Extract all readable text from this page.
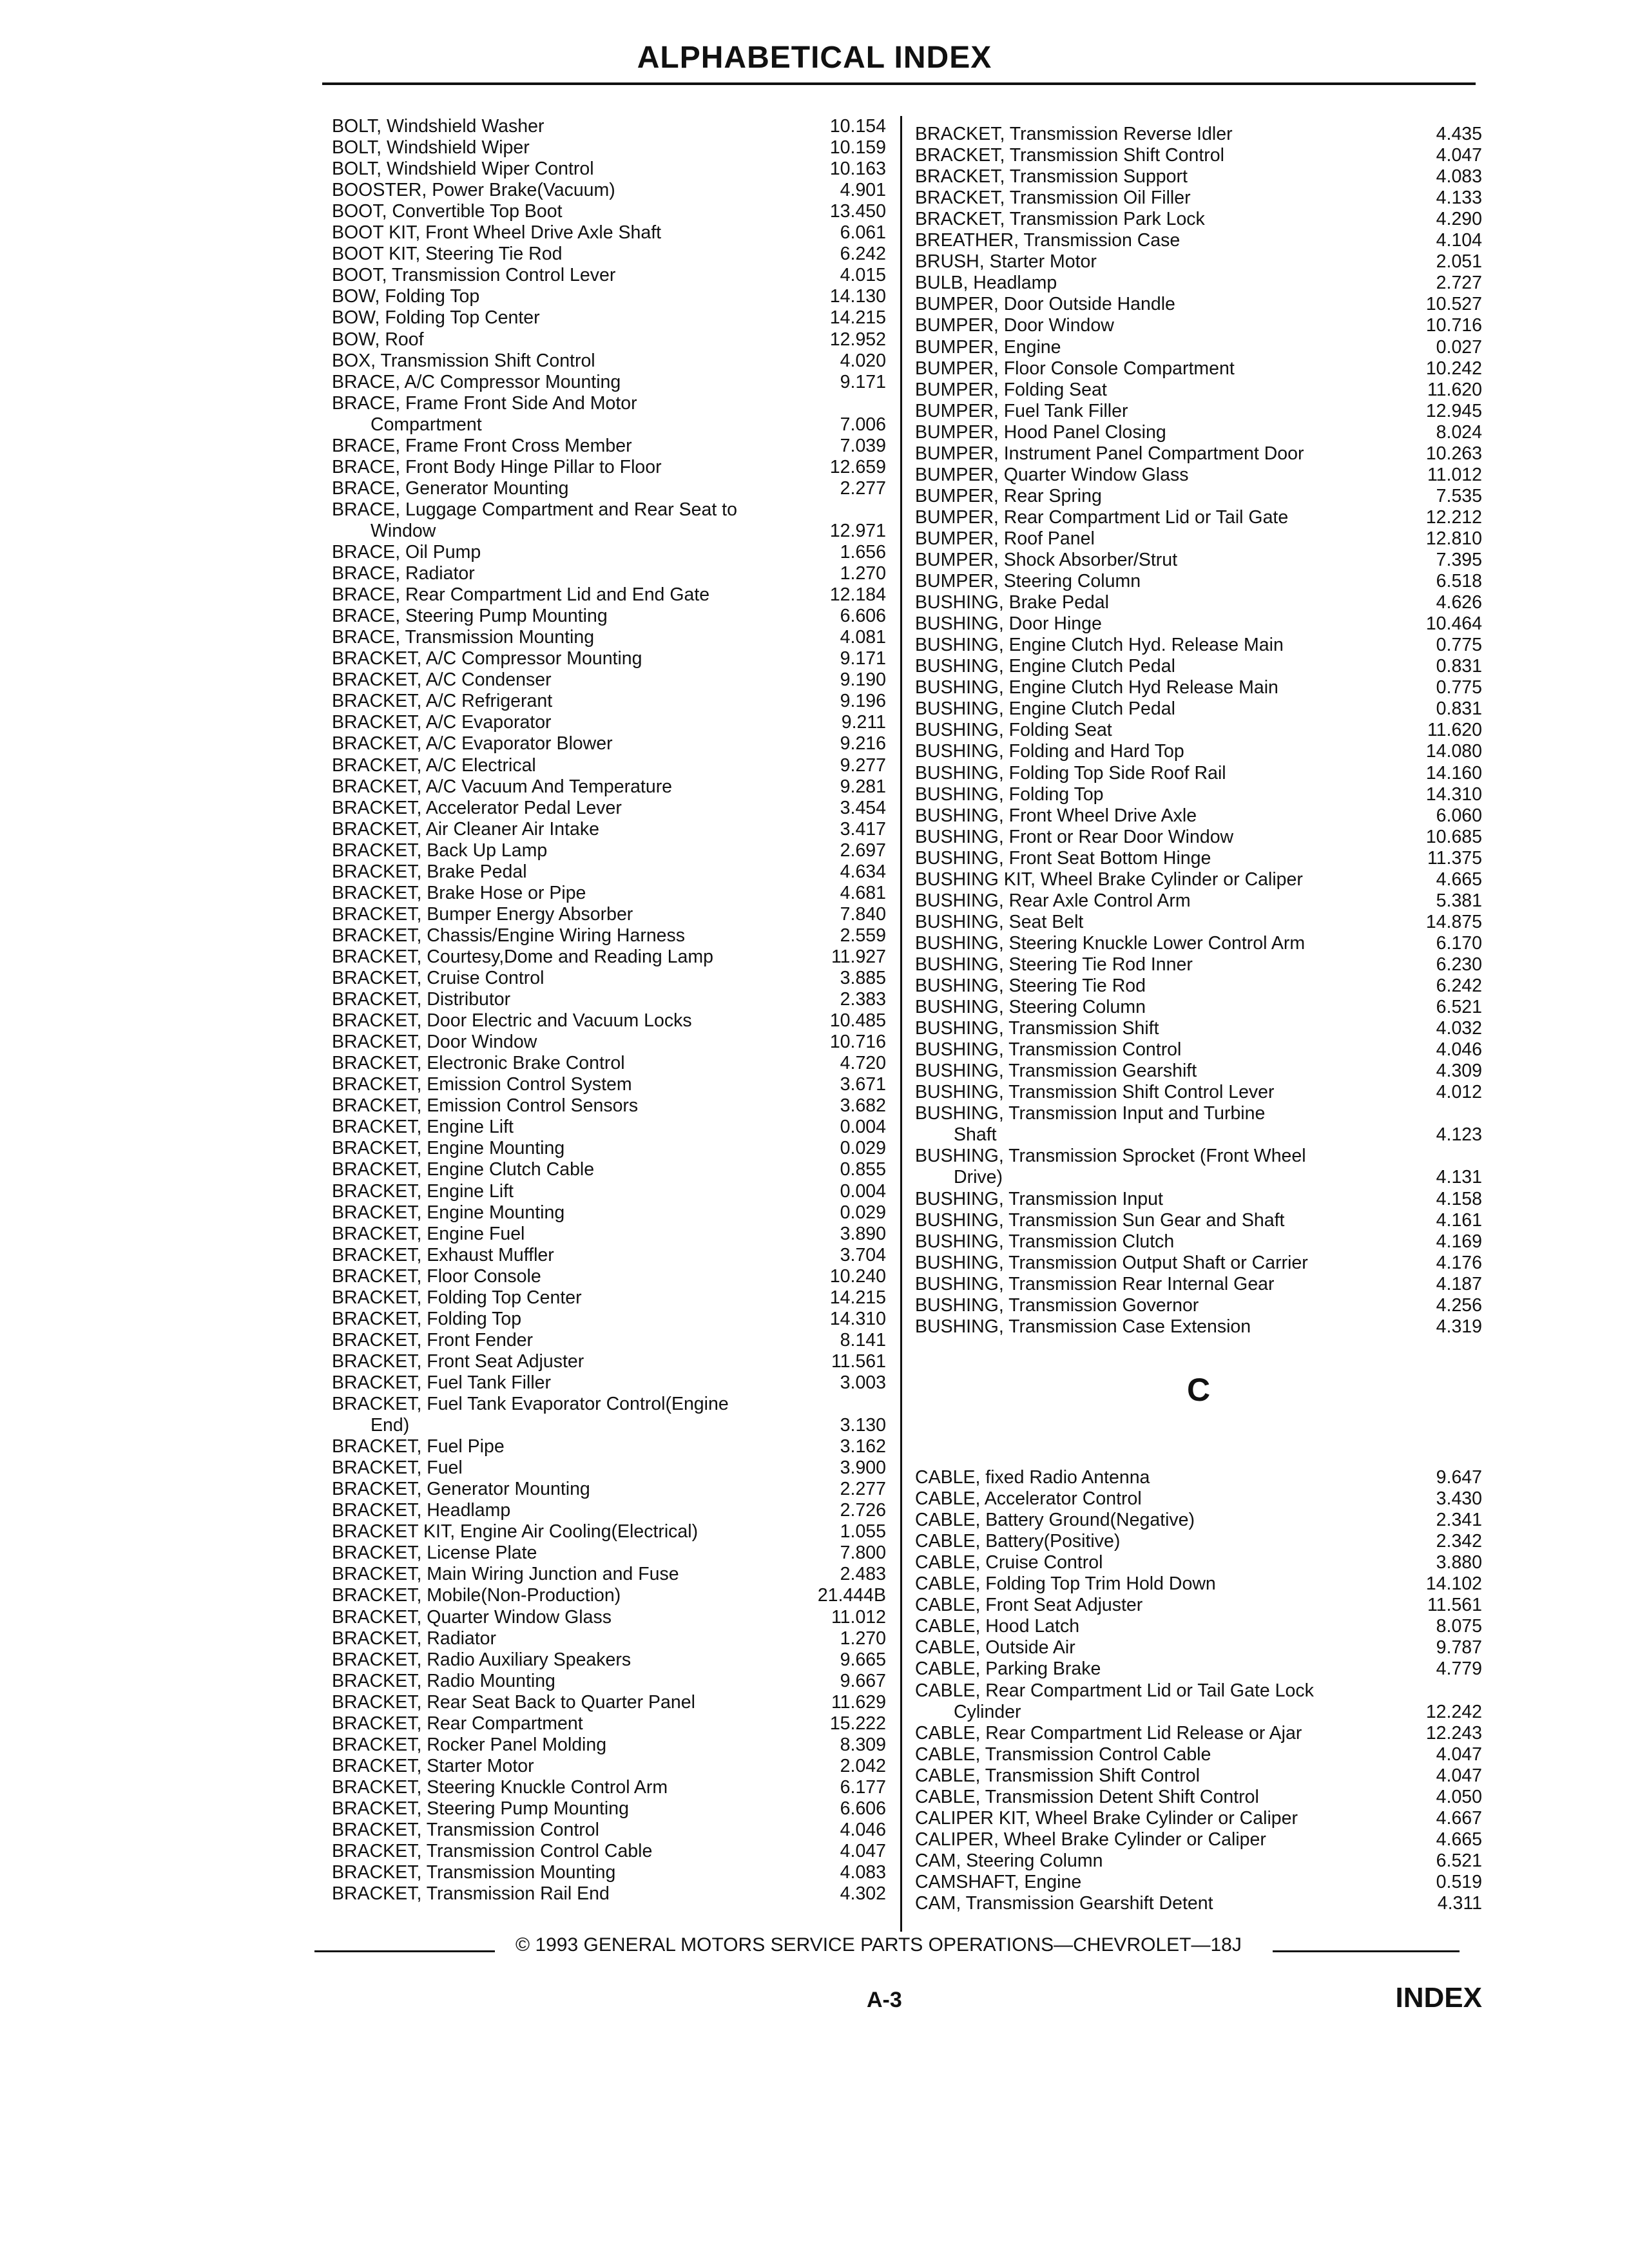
ALPHABETICAL INDEX
BOLT, Windshield Washer	10.154
BOLT, Windshield Wiper	10.159
BOLT, Windshield Wiper Control	10.163
BOOSTER, Power Brake(Vacuum)	4.901
BOOT, Convertible Top Boot	13.450
BOOT KIT, Front Wheel Drive Axle Shaft	6.061
BOOT KIT, Steering Tie Rod	6.242
BOOT, Transmission Control Lever	4.015
BOW, Folding Top	14.130
BOW, Folding Top Center	14.215
BOW, Roof	12.952
BOX, Transmission Shift Control	4.020
BRACE, A/C Compressor Mounting	9.171
BRACE, Frame Front Side And Motor
Compartment	7.006
BRACE, Frame Front Cross Member	7.039
BRACE, Front Body Hinge Pillar to Floor	12.659
BRACE, Generator Mounting	2.277
BRACE, Luggage Compartment and Rear Seat to
Window	12.971
BRACE, Oil Pump	1.656
BRACE, Radiator	1.270
BRACE, Rear Compartment Lid and End Gate	12.184
BRACE, Steering Pump Mounting	6.606
BRACE, Transmission Mounting	4.081
BRACKET, A/C Compressor Mounting	9.171
BRACKET, A/C Condenser	9.190
BRACKET, A/C Refrigerant	9.196
BRACKET, A/C Evaporator	9.211
BRACKET, A/C Evaporator Blower	9.216
BRACKET, A/C Electrical	9.277
BRACKET, A/C Vacuum And Temperature	9.281
BRACKET, Accelerator Pedal Lever	3.454
BRACKET, Air Cleaner Air Intake	3.417
BRACKET, Back Up Lamp	2.697
BRACKET, Brake Pedal	4.634
BRACKET, Brake Hose or Pipe	4.681
BRACKET, Bumper Energy Absorber	7.840
BRACKET, Chassis/Engine Wiring Harness	2.559
BRACKET, Courtesy,Dome and Reading Lamp	11.927
BRACKET, Cruise Control	3.885
BRACKET, Distributor	2.383
BRACKET, Door Electric and Vacuum Locks	10.485
BRACKET, Door Window	10.716
BRACKET, Electronic Brake Control	4.720
BRACKET, Emission Control System	3.671
BRACKET, Emission Control Sensors	3.682
BRACKET, Engine Lift	0.004
BRACKET, Engine Mounting	0.029
BRACKET, Engine Clutch Cable	0.855
BRACKET, Engine Lift	0.004
BRACKET, Engine Mounting	0.029
BRACKET, Engine Fuel	3.890
BRACKET, Exhaust Muffler	3.704
BRACKET, Floor Console	10.240
BRACKET, Folding Top Center	14.215
BRACKET, Folding Top	14.310
BRACKET, Front Fender	8.141
BRACKET, Front Seat Adjuster	11.561
BRACKET, Fuel Tank Filler	3.003
BRACKET, Fuel Tank Evaporator Control(Engine
End)	3.130
BRACKET, Fuel Pipe	3.162
BRACKET, Fuel	3.900
BRACKET, Generator Mounting	2.277
BRACKET, Headlamp	2.726
BRACKET KIT, Engine Air Cooling(Electrical)	1.055
BRACKET, License Plate	7.800
BRACKET, Main Wiring Junction and Fuse	2.483
BRACKET, Mobile(Non-Production)	21.444B
BRACKET, Quarter Window Glass	11.012
BRACKET, Radiator	1.270
BRACKET, Radio Auxiliary Speakers	9.665
BRACKET, Radio Mounting	9.667
BRACKET, Rear Seat Back to Quarter Panel	11.629
BRACKET, Rear Compartment	15.222
BRACKET, Rocker Panel Molding	8.309
BRACKET, Starter Motor	2.042
BRACKET, Steering Knuckle Control Arm	6.177
BRACKET, Steering Pump Mounting	6.606
BRACKET, Transmission Control	4.046
BRACKET, Transmission Control Cable	4.047
BRACKET, Transmission Mounting	4.083
BRACKET, Transmission Rail End	4.302
BRACKET, Transmission Reverse Idler	4.435
BRACKET, Transmission Shift Control	4.047
BRACKET, Transmission Support	4.083
BRACKET, Transmission Oil Filler	4.133
BRACKET, Transmission Park Lock	4.290
BREATHER, Transmission Case	4.104
BRUSH, Starter Motor	2.051
BULB, Headlamp	2.727
BUMPER, Door Outside Handle	10.527
BUMPER, Door Window	10.716
BUMPER, Engine	0.027
BUMPER, Floor Console Compartment	10.242
BUMPER, Folding Seat	11.620
BUMPER, Fuel Tank Filler	12.945
BUMPER, Hood Panel Closing	8.024
BUMPER, Instrument Panel Compartment Door	10.263
BUMPER, Quarter Window Glass	11.012
BUMPER, Rear Spring	7.535
BUMPER, Rear Compartment Lid or Tail Gate	12.212
BUMPER, Roof Panel	12.810
BUMPER, Shock Absorber/Strut	7.395
BUMPER, Steering Column	6.518
BUSHING, Brake Pedal	4.626
BUSHING, Door Hinge	10.464
BUSHING, Engine Clutch Hyd. Release Main	0.775
BUSHING, Engine Clutch Pedal	0.831
BUSHING, Engine Clutch Hyd Release Main	0.775
BUSHING, Engine Clutch Pedal	0.831
BUSHING, Folding Seat	11.620
BUSHING, Folding and Hard Top	14.080
BUSHING, Folding Top Side Roof Rail	14.160
BUSHING, Folding Top	14.310
BUSHING, Front Wheel Drive Axle	6.060
BUSHING, Front or Rear Door Window	10.685
BUSHING, Front Seat Bottom Hinge	11.375
BUSHING KIT, Wheel Brake Cylinder or Caliper	4.665
BUSHING, Rear Axle Control Arm	5.381
BUSHING, Seat Belt	14.875
BUSHING, Steering Knuckle Lower Control Arm	6.170
BUSHING, Steering Tie Rod Inner	6.230
BUSHING, Steering Tie Rod	6.242
BUSHING, Steering Column	6.521
BUSHING, Transmission Shift	4.032
BUSHING, Transmission Control	4.046
BUSHING, Transmission Gearshift	4.309
BUSHING, Transmission Shift Control Lever	4.012
BUSHING, Transmission Input and Turbine
Shaft	4.123
BUSHING, Transmission Sprocket (Front Wheel
Drive)	4.131
BUSHING, Transmission Input	4.158
BUSHING, Transmission Sun Gear and Shaft	4.161
BUSHING, Transmission Clutch	4.169
BUSHING, Transmission Output Shaft or Carrier	4.176
BUSHING, Transmission Rear Internal Gear	4.187
BUSHING, Transmission Governor	4.256
BUSHING, Transmission Case Extension	4.319
C
CABLE, fixed Radio Antenna	9.647
CABLE, Accelerator Control	3.430
CABLE, Battery Ground(Negative)	2.341
CABLE, Battery(Positive)	2.342
CABLE, Cruise Control	3.880
CABLE, Folding Top Trim Hold Down	14.102
CABLE, Front Seat Adjuster	11.561
CABLE, Hood Latch	8.075
CABLE, Outside Air	9.787
CABLE, Parking Brake	4.779
CABLE, Rear Compartment Lid or Tail Gate Lock
Cylinder	12.242
CABLE, Rear Compartment Lid Release or Ajar	12.243
CABLE, Transmission Control Cable	4.047
CABLE, Transmission Shift Control	4.047
CABLE, Transmission Detent Shift Control	4.050
CALIPER KIT, Wheel Brake Cylinder or Caliper	4.667
CALIPER, Wheel Brake Cylinder or Caliper	4.665
CAM, Steering Column	6.521
CAMSHAFT, Engine	0.519
CAM, Transmission Gearshift Detent	4.311
© 1993 GENERAL MOTORS SERVICE PARTS OPERATIONS—CHEVROLET—18J
A-3	INDEX
